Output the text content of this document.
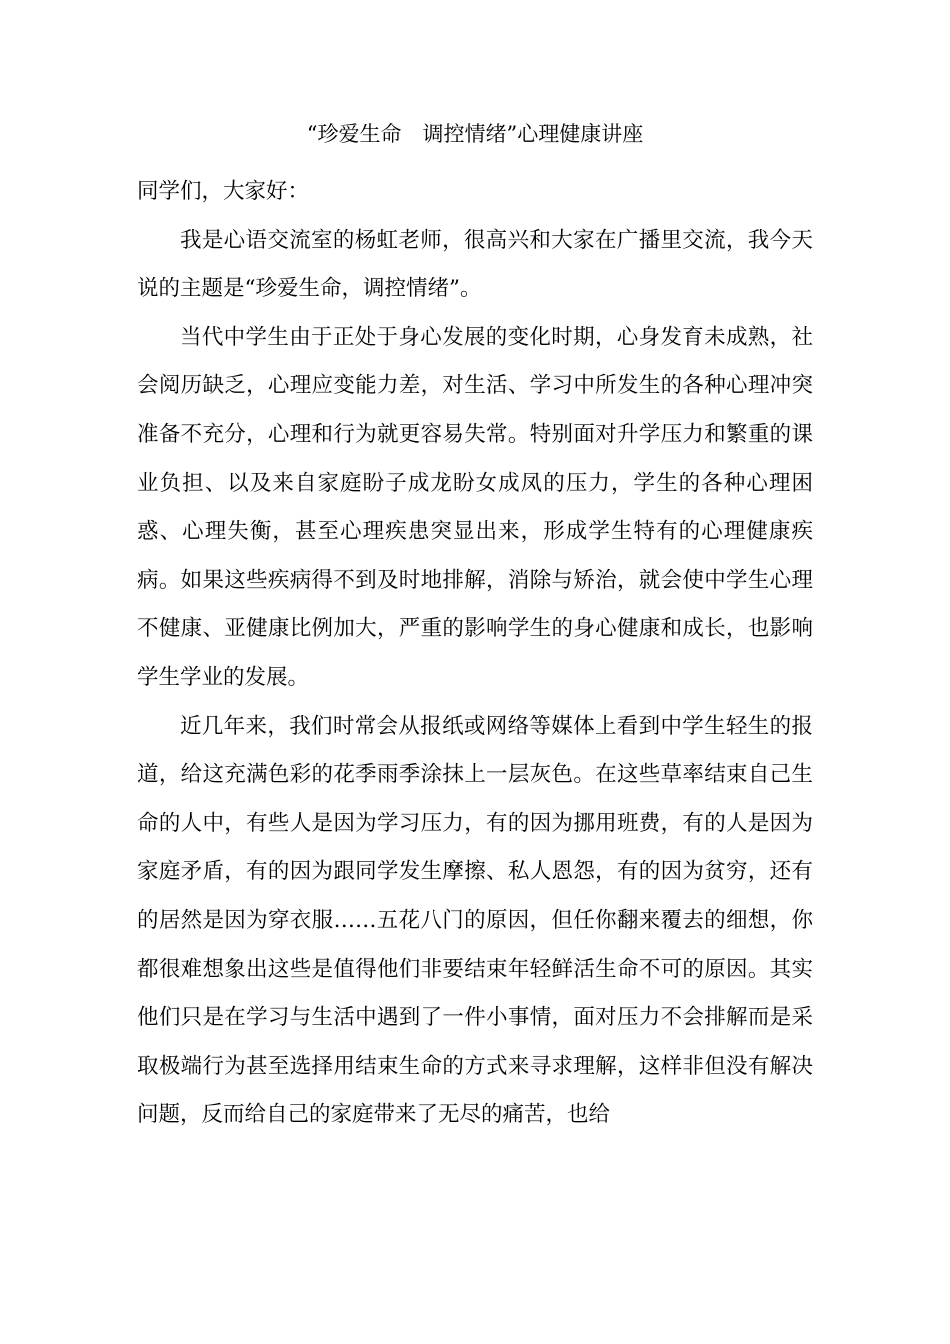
“珍爱生命　调控情绪”心理健康讲座

同学们，大家好：

我是心语交流室的杨虹老师，很高兴和大家在广播里交流，我今天说的主题是“珍爱生命，调控情绪”。

当代中学生由于正处于身心发展的变化时期，心身发育未成熟，社会阅历缺乏，心理应变能力差，对生活、学习中所发生的各种心理冲突准备不充分，心理和行为就更容易失常。特别面对升学压力和繁重的课业负担、以及来自家庭盼子成龙盼女成凤的压力，学生的各种心理困惑、心理失衡，甚至心理疾患突显出来，形成学生特有的心理健康疾病。如果这些疾病得不到及时地排解，消除与矫治，就会使中学生心理不健康、亚健康比例加大，严重的影响学生的身心健康和成长，也影响学生学业的发展。

近几年来，我们时常会从报纸或网络等媒体上看到中学生轻生的报道，给这充满色彩的花季雨季涂抹上一层灰色。在这些草率结束自己生命的人中，有些人是因为学习压力，有的因为挪用班费，有的人是因为家庭矛盾，有的因为跟同学发生摩擦、私人恩怨，有的因为贫穷，还有的居然是因为穿衣服……五花八门的原因，但任你翻来覆去的细想，你都很难想象出这些是值得他们非要结束年轻鲜活生命不可的原因。其实他们只是在学习与生活中遇到了一件小事情，面对压力不会排解而是采取极端行为甚至选择用结束生命的方式来寻求理解，这样非但没有解决问题，反而给自己的家庭带来了无尽的痛苦，也给
